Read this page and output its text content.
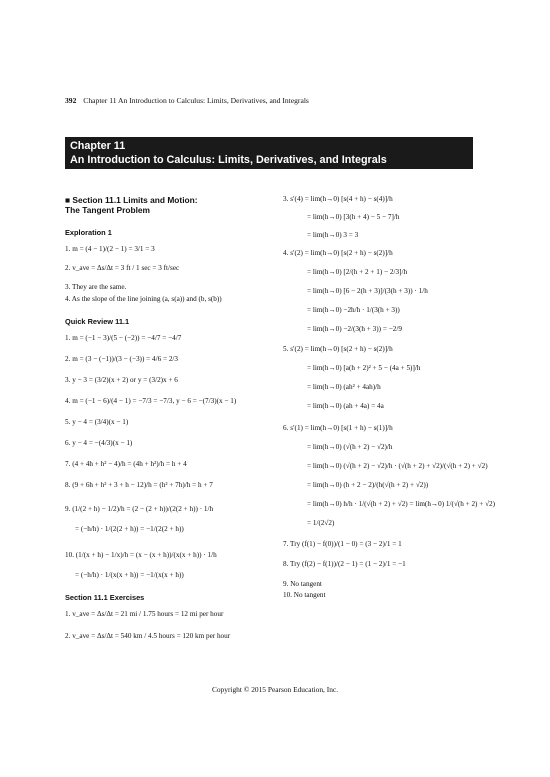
392 Chapter 11 An Introduction to Calculus: Limits, Derivatives, and Integrals
Chapter 11
An Introduction to Calculus: Limits, Derivatives, and Integrals
■ Section 11.1 Limits and Motion:
The Tangent Problem
Exploration 1
1. m = (4 − 1)/(2 − 1) = 3/1 = 3
2. v_ave = Δs/Δt = 3 ft / 1 sec = 3 ft/sec
3. They are the same.
4. As the slope of the line joining (a, s(a)) and (b, s(b))
Quick Review 11.1
1. m = (−1 − 3)/(5 − (−2)) = −4/7 = −4/7
2. m = (3 − (−1))/(3 − (−3)) = 4/6 = 2/3
3. y − 3 = (3/2)(x + 2) or y = (3/2)x + 6
4. m = (−1 − 6)/(4 − 1) = −7/3 = −7/3, y − 6 = −(7/3)(x − 1)
5. y − 4 = (3/4)(x − 1)
6. y − 4 = −(4/3)(x − 1)
7. (4 + 4h + h² − 4)/h = (4h + h²)/h = h + 4
8. (9 + 6h + h² + 3 + h − 12)/h = (h² + 7h)/h = h + 7
9. (1/(2 + h) − 1/2)/h = (2 − (2 + h))/(2(2 + h)) · 1/h
= (−h/h) · 1/(2(2 + h)) = −1/(2(2 + h))
10. (1/(x + h) − 1/x)/h = (x − (x + h))/(x(x + h)) · 1/h
= (−h/h) · 1/(x(x + h)) = −1/(x(x + h))
Section 11.1 Exercises
1. v_ave = Δs/Δt = 21 mi / 1.75 hours = 12 mi per hour
2. v_ave = Δs/Δt = 540 km / 4.5 hours = 120 km per hour
3. s′(4) = lim(h→0) [s(4 + h) − s(4)]/h
= lim(h→0) [3(h + 4) − 5 − 7]/h
= lim(h→0) 3 = 3
4. s′(2) = lim(h→0) [s(2 + h) − s(2)]/h
= lim(h→0) [2/(h + 2 + 1) − 2/3]/h
= lim(h→0) [6 − 2(h + 3)]/(3(h + 3)) · 1/h
= lim(h→0) −2h/h · 1/(3(h + 3))
= lim(h→0) −2/(3(h + 3)) = −2/9
5. s′(2) = lim(h→0) [s(2 + h) − s(2)]/h
= lim(h→0) [a(h + 2)² + 5 − (4a + 5)]/h
= lim(h→0) (ah² + 4ah)/h
= lim(h→0) (ah + 4a) = 4a
6. s′(1) = lim(h→0) [s(1 + h) − s(1)]/h
= lim(h→0) (√(h + 2) − √2)/h
= lim(h→0) (√(h + 2) − √2)/h · (√(h + 2) + √2)/(√(h + 2) + √2)
= lim(h→0) (h + 2 − 2)/(h(√(h + 2) + √2))
= lim(h→0) h/h · 1/(√(h + 2) + √2) = lim(h→0) 1/(√(h + 2) + √2)
= 1/(2√2)
7. Try (f(1) − f(0))/(1 − 0) = (3 − 2)/1 = 1
8. Try (f(2) − f(1))/(2 − 1) = (1 − 2)/1 = −1
9. No tangent
10. No tangent
Copyright © 2015 Pearson Education, Inc.
